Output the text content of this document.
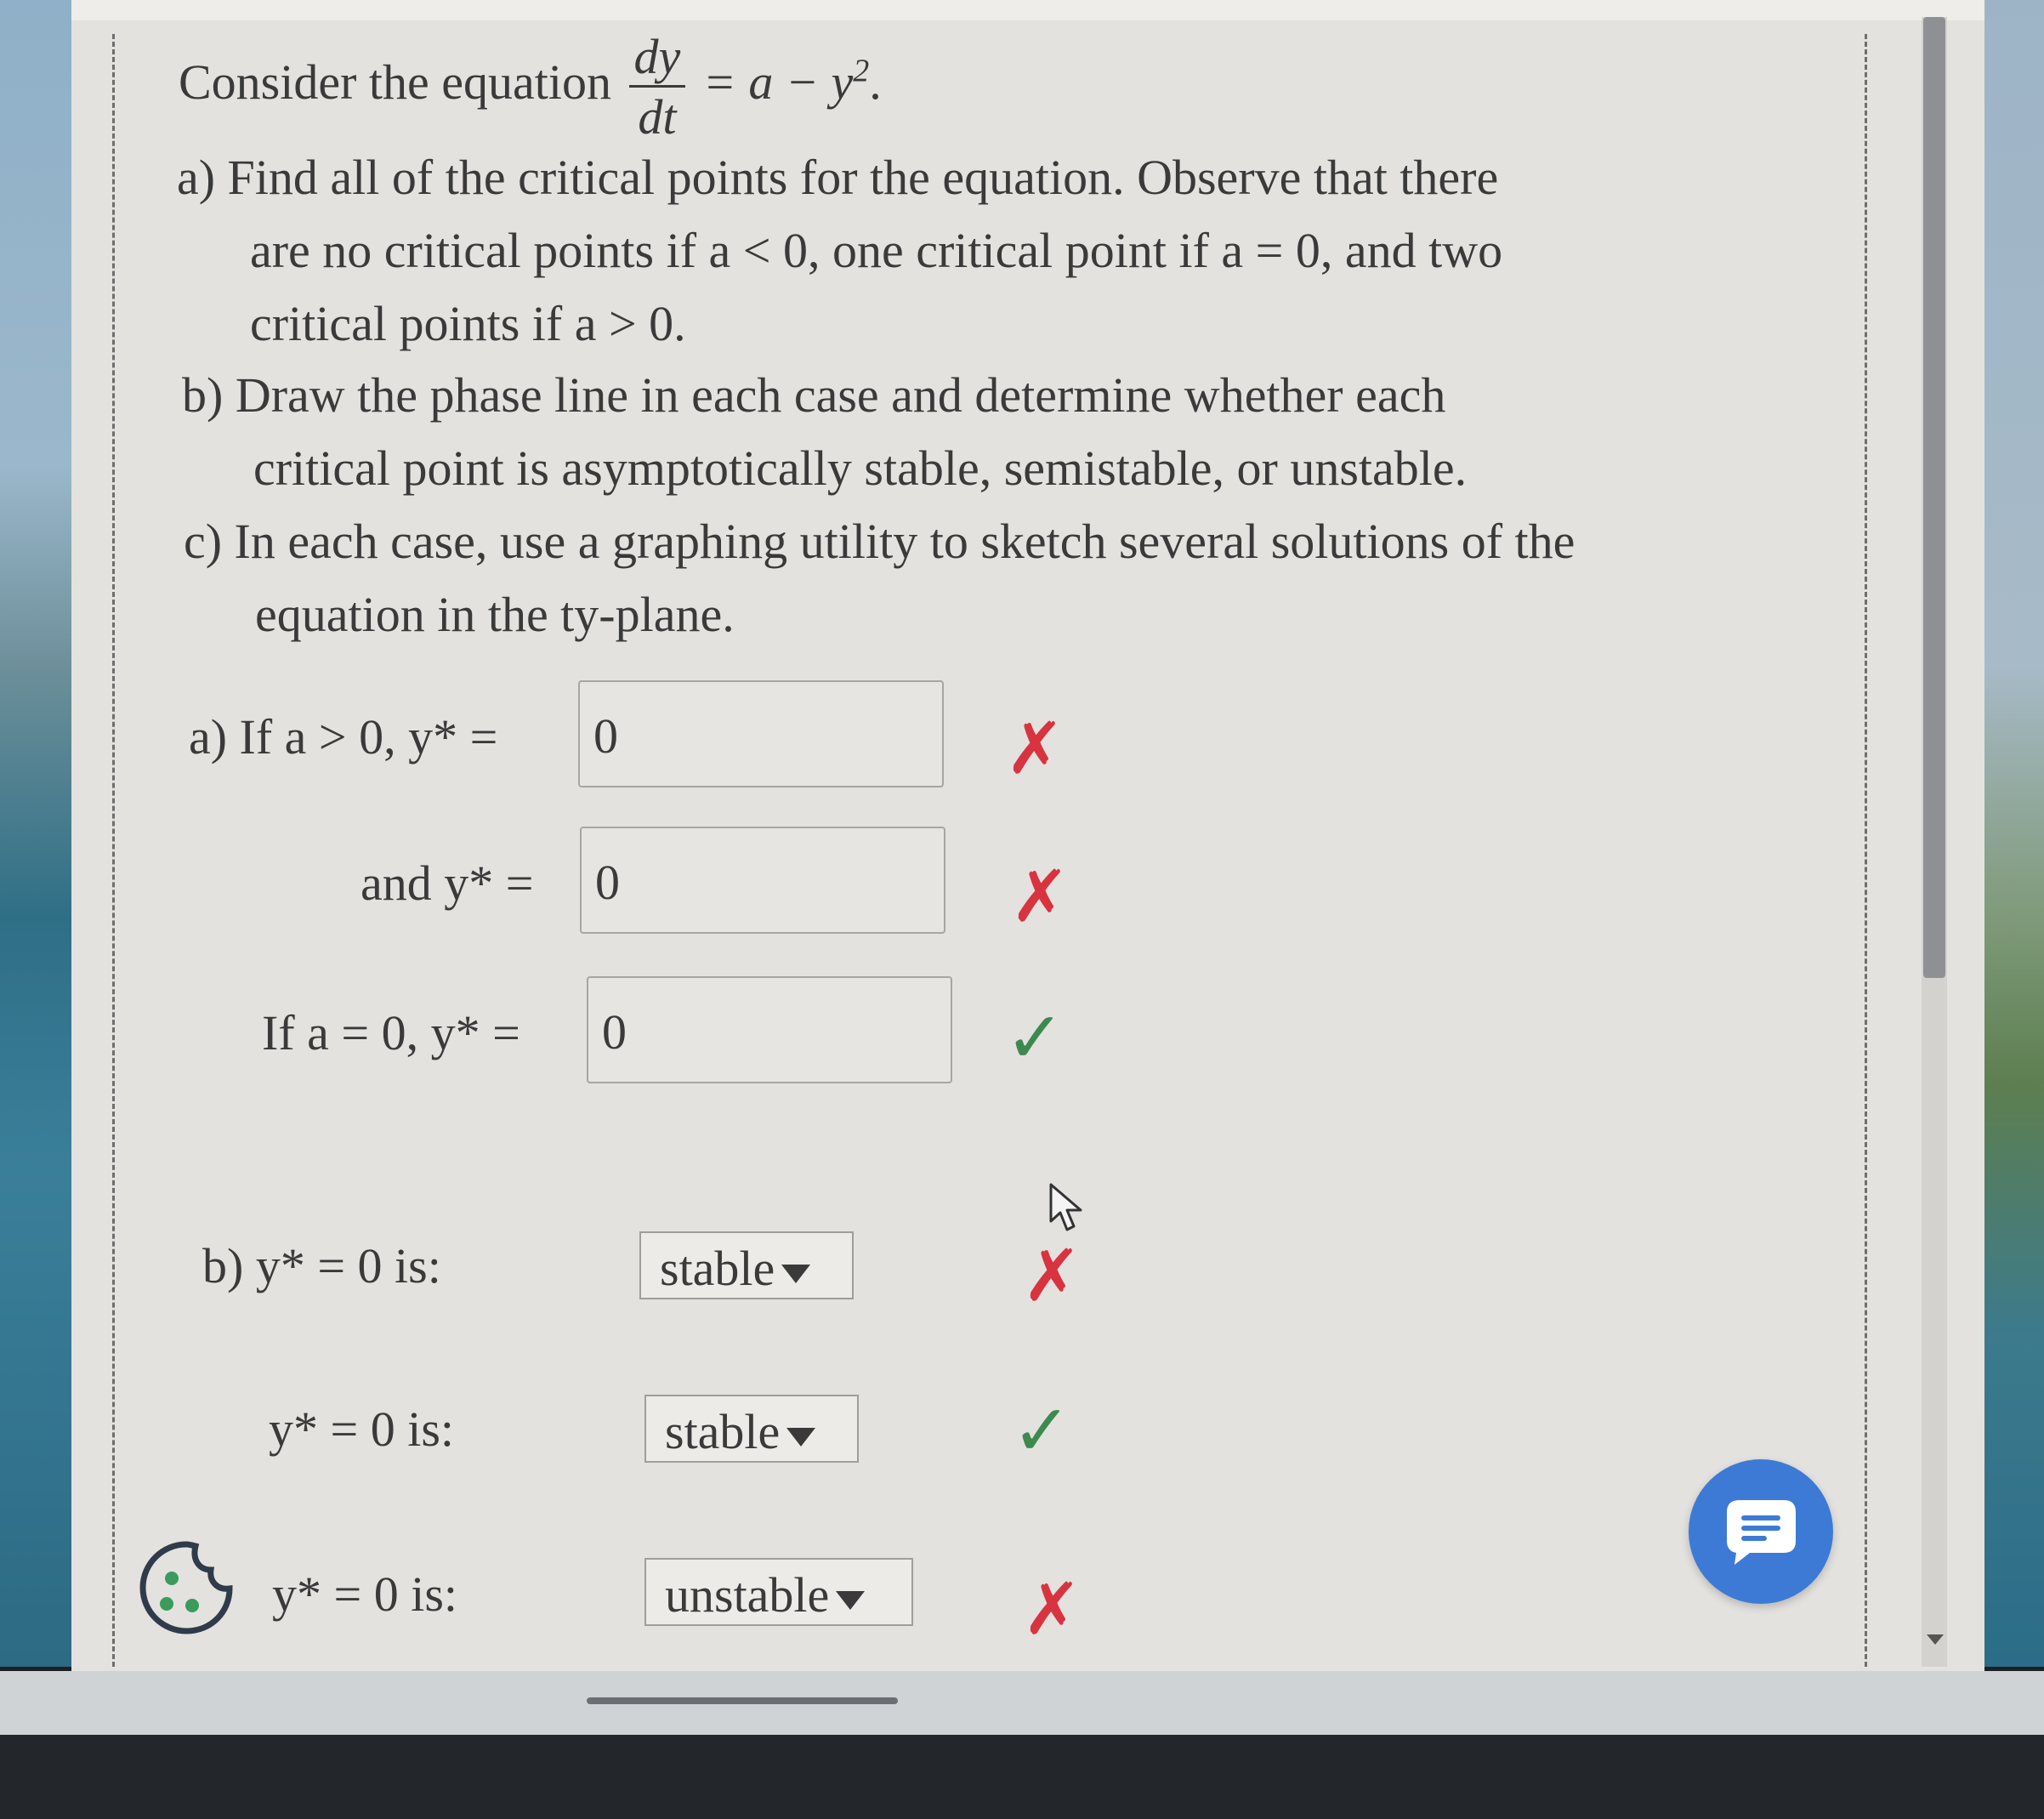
Consider the equation $\frac{dy}{dt} = a - y^2$.
a) Find all of the critical points for the equation. Observe that there
are no critical points if a < 0, one critical point if a = 0, and two
critical points if a > 0.
b) Draw the phase line in each case and determine whether each
critical point is asymptotically stable, semistable, or unstable.
c) In each case, use a graphing utility to sketch several solutions of the
equation in the ty-plane.
a) If a > 0, y* = 0	✗
and y* = 0	✗
If a = 0, y* = 0	✓
b) y* = 0 is:	stable	✗
y* = 0 is:	stable	✓
y* = 0 is:	unstable	✗
